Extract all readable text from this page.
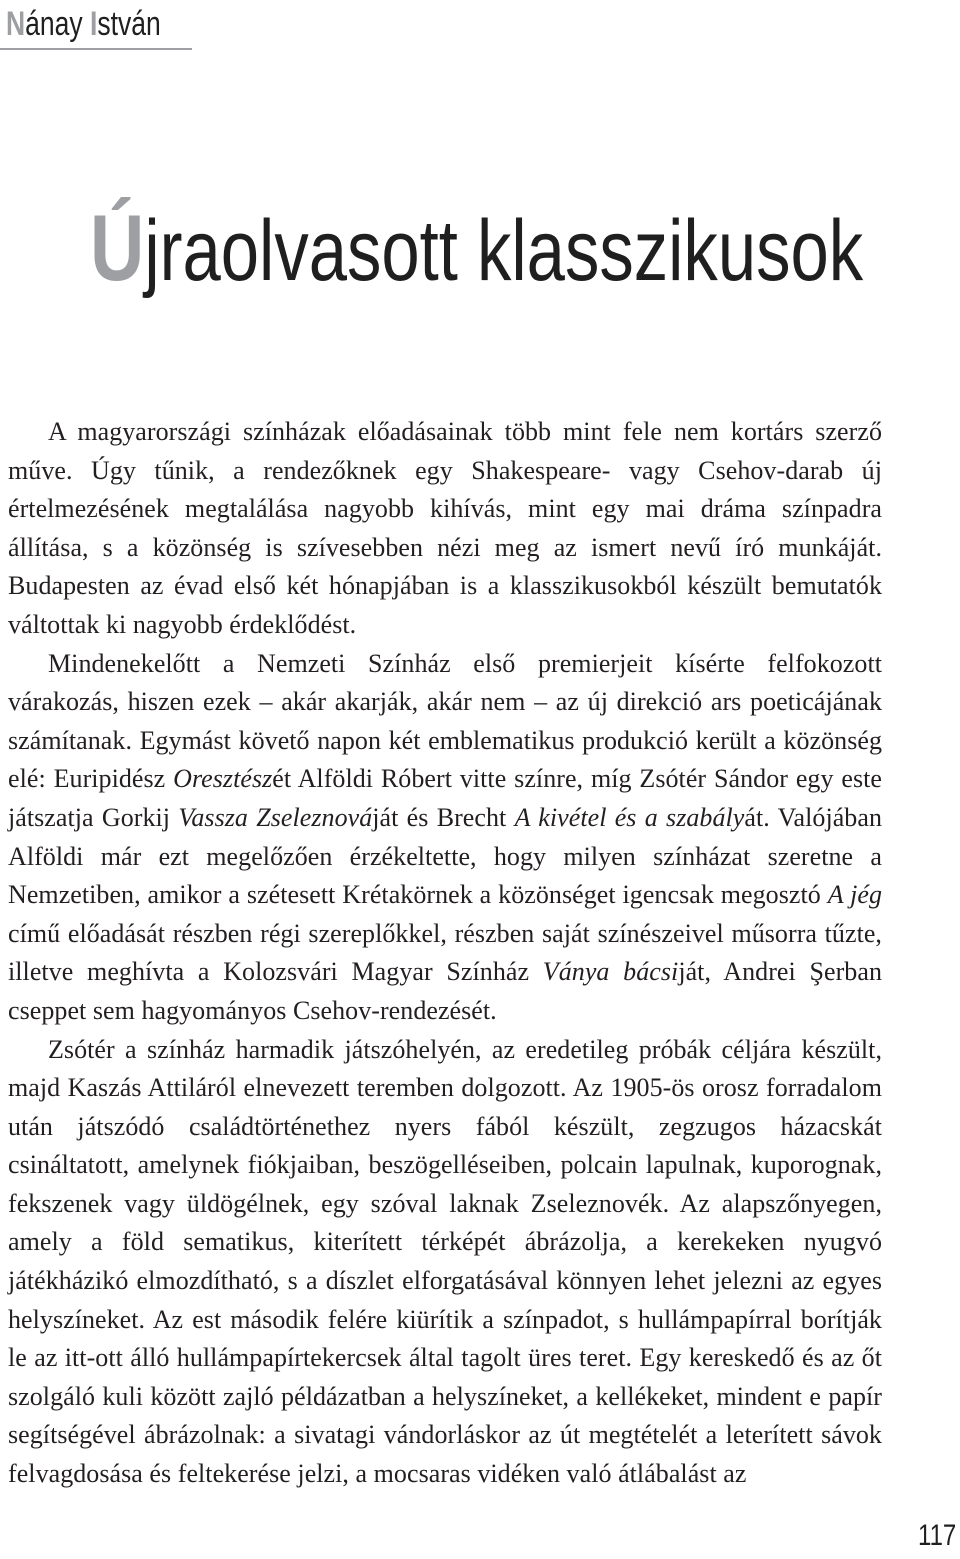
Nánay István
Újraolvasott klasszikusok

A magyarországi színházak előadásainak több mint fele nem kortárs szerző műve. Úgy tűnik, a rendezőknek egy Shakespeare- vagy Csehov-darab új értelmezésének megtalálása nagyobb kihívás, mint egy mai dráma színpadra állítása, s a közönség is szívesebben nézi meg az ismert nevű író munkáját. Budapesten az évad első két hónapjában is a klasszikusokból készült bemutatók váltottak ki nagyobb érdeklődést.

Mindenekelőtt a Nemzeti Színház első premierjeit kísérte felfokozott várakozás, hiszen ezek – akár akarják, akár nem – az új direkció ars poeticájának számítanak. Egymást követő napon két emblematikus produkció került a közönség elé: Euripidész Oresztészét Alföldi Róbert vitte színre, míg Zsótér Sándor egy este játszatja Gorkij Vassza Zseleznováját és Brecht A kivétel és a szabályát. Valójában Alföldi már ezt megelőzően érzékeltette, hogy milyen színházat szeretne a Nemzetiben, amikor a szétesett Krétakörnek a közönséget igencsak megosztó A jég című előadását részben régi szereplőkkel, részben saját színészeivel műsorra tűzte, illetve meghívta a Kolozsvári Magyar Színház Ványa bácsiját, Andrei Şerban cseppet sem hagyományos Csehov-rendezését.

Zsótér a színház harmadik játszóhelyén, az eredetileg próbák céljára készült, majd Kaszás Attiláról elnevezett teremben dolgozott. Az 1905-ös orosz forradalom után játszódó családtörténethez nyers fából készült, zegzugos házacskát csináltatott, amelynek fiókjaiban, beszögelléseiben, polcain lapulnak, kuporognak, fekszenek vagy üldögélnek, egy szóval laknak Zseleznovék. Az alapszőnyegen, amely a föld sematikus, kiterített térképét ábrázolja, a kerekeken nyugvó játékházikó elmozdítható, s a díszlet elforgatásával könnyen lehet jelezni az egyes helyszíneket. Az est második felére kiürítik a színpadot, s hullámpapírral borítják le az itt-ott álló hullámpapírtekercsek által tagolt üres teret. Egy kereskedő és az őt szolgáló kuli között zajló példázatban a helyszíneket, a kellékeket, mindent e papír segítségével ábrázolnak: a sivatagi vándorláskor az út megtételét a leterített sávok felvagdosása és feltekerése jelzi, a mocsaras vidéken való átlábalást az

117
